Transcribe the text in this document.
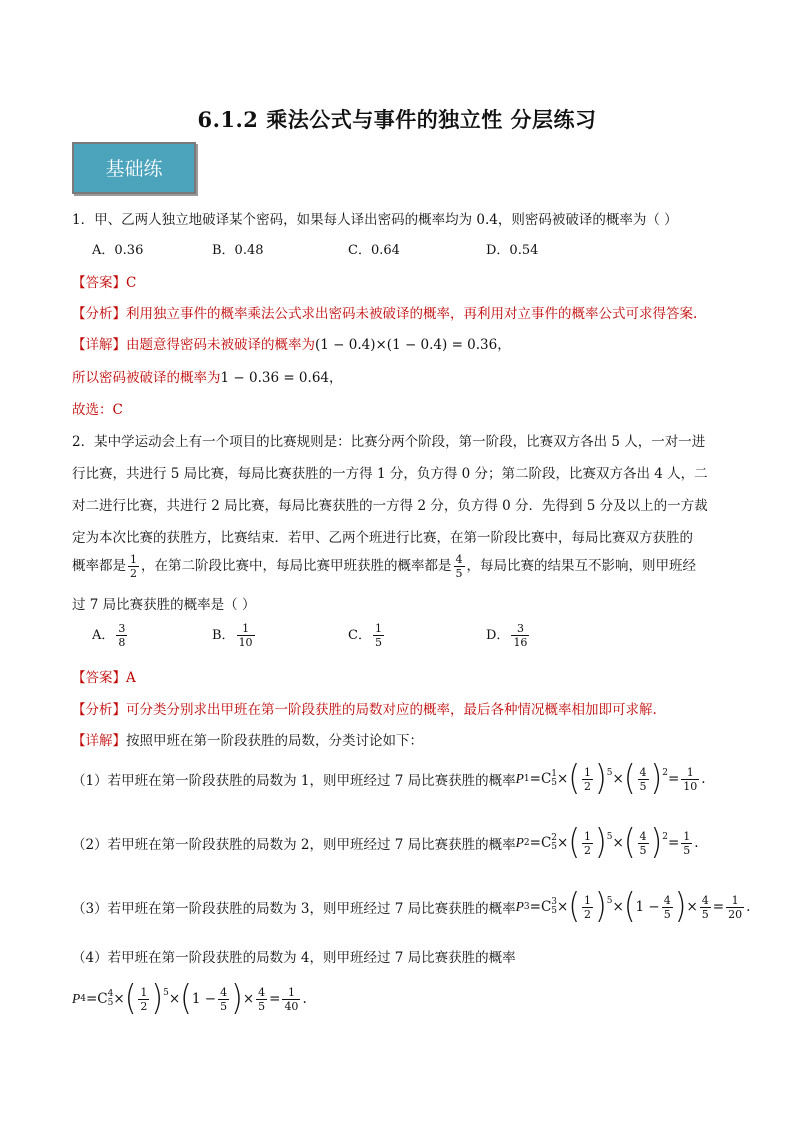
6.1.2 乘法公式与事件的独立性 分层练习
基础练
1．甲、乙两人独立地破译某个密码，如果每人译出密码的概率均为 0.4，则密码被破译的概率为（ ）
A．0.36	B．0.48	C．0.64	D．0.54
【答案】C
【分析】利用独立事件的概率乘法公式求出密码未被破译的概率，再利用对立事件的概率公式可求得答案.
【详解】由题意得密码未被破译的概率为(1 − 0.4)×(1 − 0.4) = 0.36，
所以密码被破译的概率为1 − 0.36 = 0.64，
故选：C
2．某中学运动会上有一个项目的比赛规则是：比赛分两个阶段，第一阶段，比赛双方各出 5 人，一对一进
行比赛，共进行 5 局比赛，每局比赛获胜的一方得 1 分，负方得 0 分；第二阶段，比赛双方各出 4 人，二
对二进行比赛，共进行 2 局比赛，每局比赛获胜的一方得 2 分，负方得 0 分．先得到 5 分及以上的一方裁
定为本次比赛的获胜方，比赛结束．若甲、乙两个班进行比赛，在第一阶段比赛中，每局比赛双方获胜的
概率都是 $\frac{1}{2}$ ，在第二阶段比赛中，每局比赛甲班获胜的概率都是 $\frac{4}{5}$ ，每局比赛的结果互不影响，则甲班经
过 7 局比赛获胜的概率是（ ）
A． $\frac{3}{8}$	B． $\frac{1}{10}$	C． $\frac{1}{5}$	D． $\frac{3}{16}$
【答案】A
【分析】可分类分别求出甲班在第一阶段获胜的局数对应的概率，最后各种情况概率相加即可求解.
【详解】按照甲班在第一阶段获胜的局数，分类讨论如下：
（1）若甲班在第一阶段获胜的局数为 1，则甲班经过 7 局比赛获胜的概率 P 1 = C 1
5 × ( $\frac{1}{2}$ ) 5 × ( $\frac{4}{5}$ ) $2 = \frac{1}{10}$ .
（2）若甲班在第一阶段获胜的局数为 2，则甲班经过 7 局比赛获胜的概率 P 2 = C 2
5 × ( $\frac{1}{2}$ ) 5 × ( $\frac{4}{5}$ ) $2 = \frac{1}{5}$ .
（3）若甲班在第一阶段获胜的局数为 3，则甲班经过 7 局比赛获胜的概率 P 3 = C 3
5 × ( $\frac{1}{2}$ ) 5 × ( $1 - \frac{4}{5}$ ) × $\frac{4}{5} = \frac{1}{20}$ .
（4）若甲班在第一阶段获胜的局数为 4，则甲班经过 7 局比赛获胜的概率
P 4 = C 4
5 × ( $\frac{1}{2}$ ) 5 × ( $1 - \frac{4}{5}$ ) × $\frac{4}{5} = \frac{1}{40}$ .
